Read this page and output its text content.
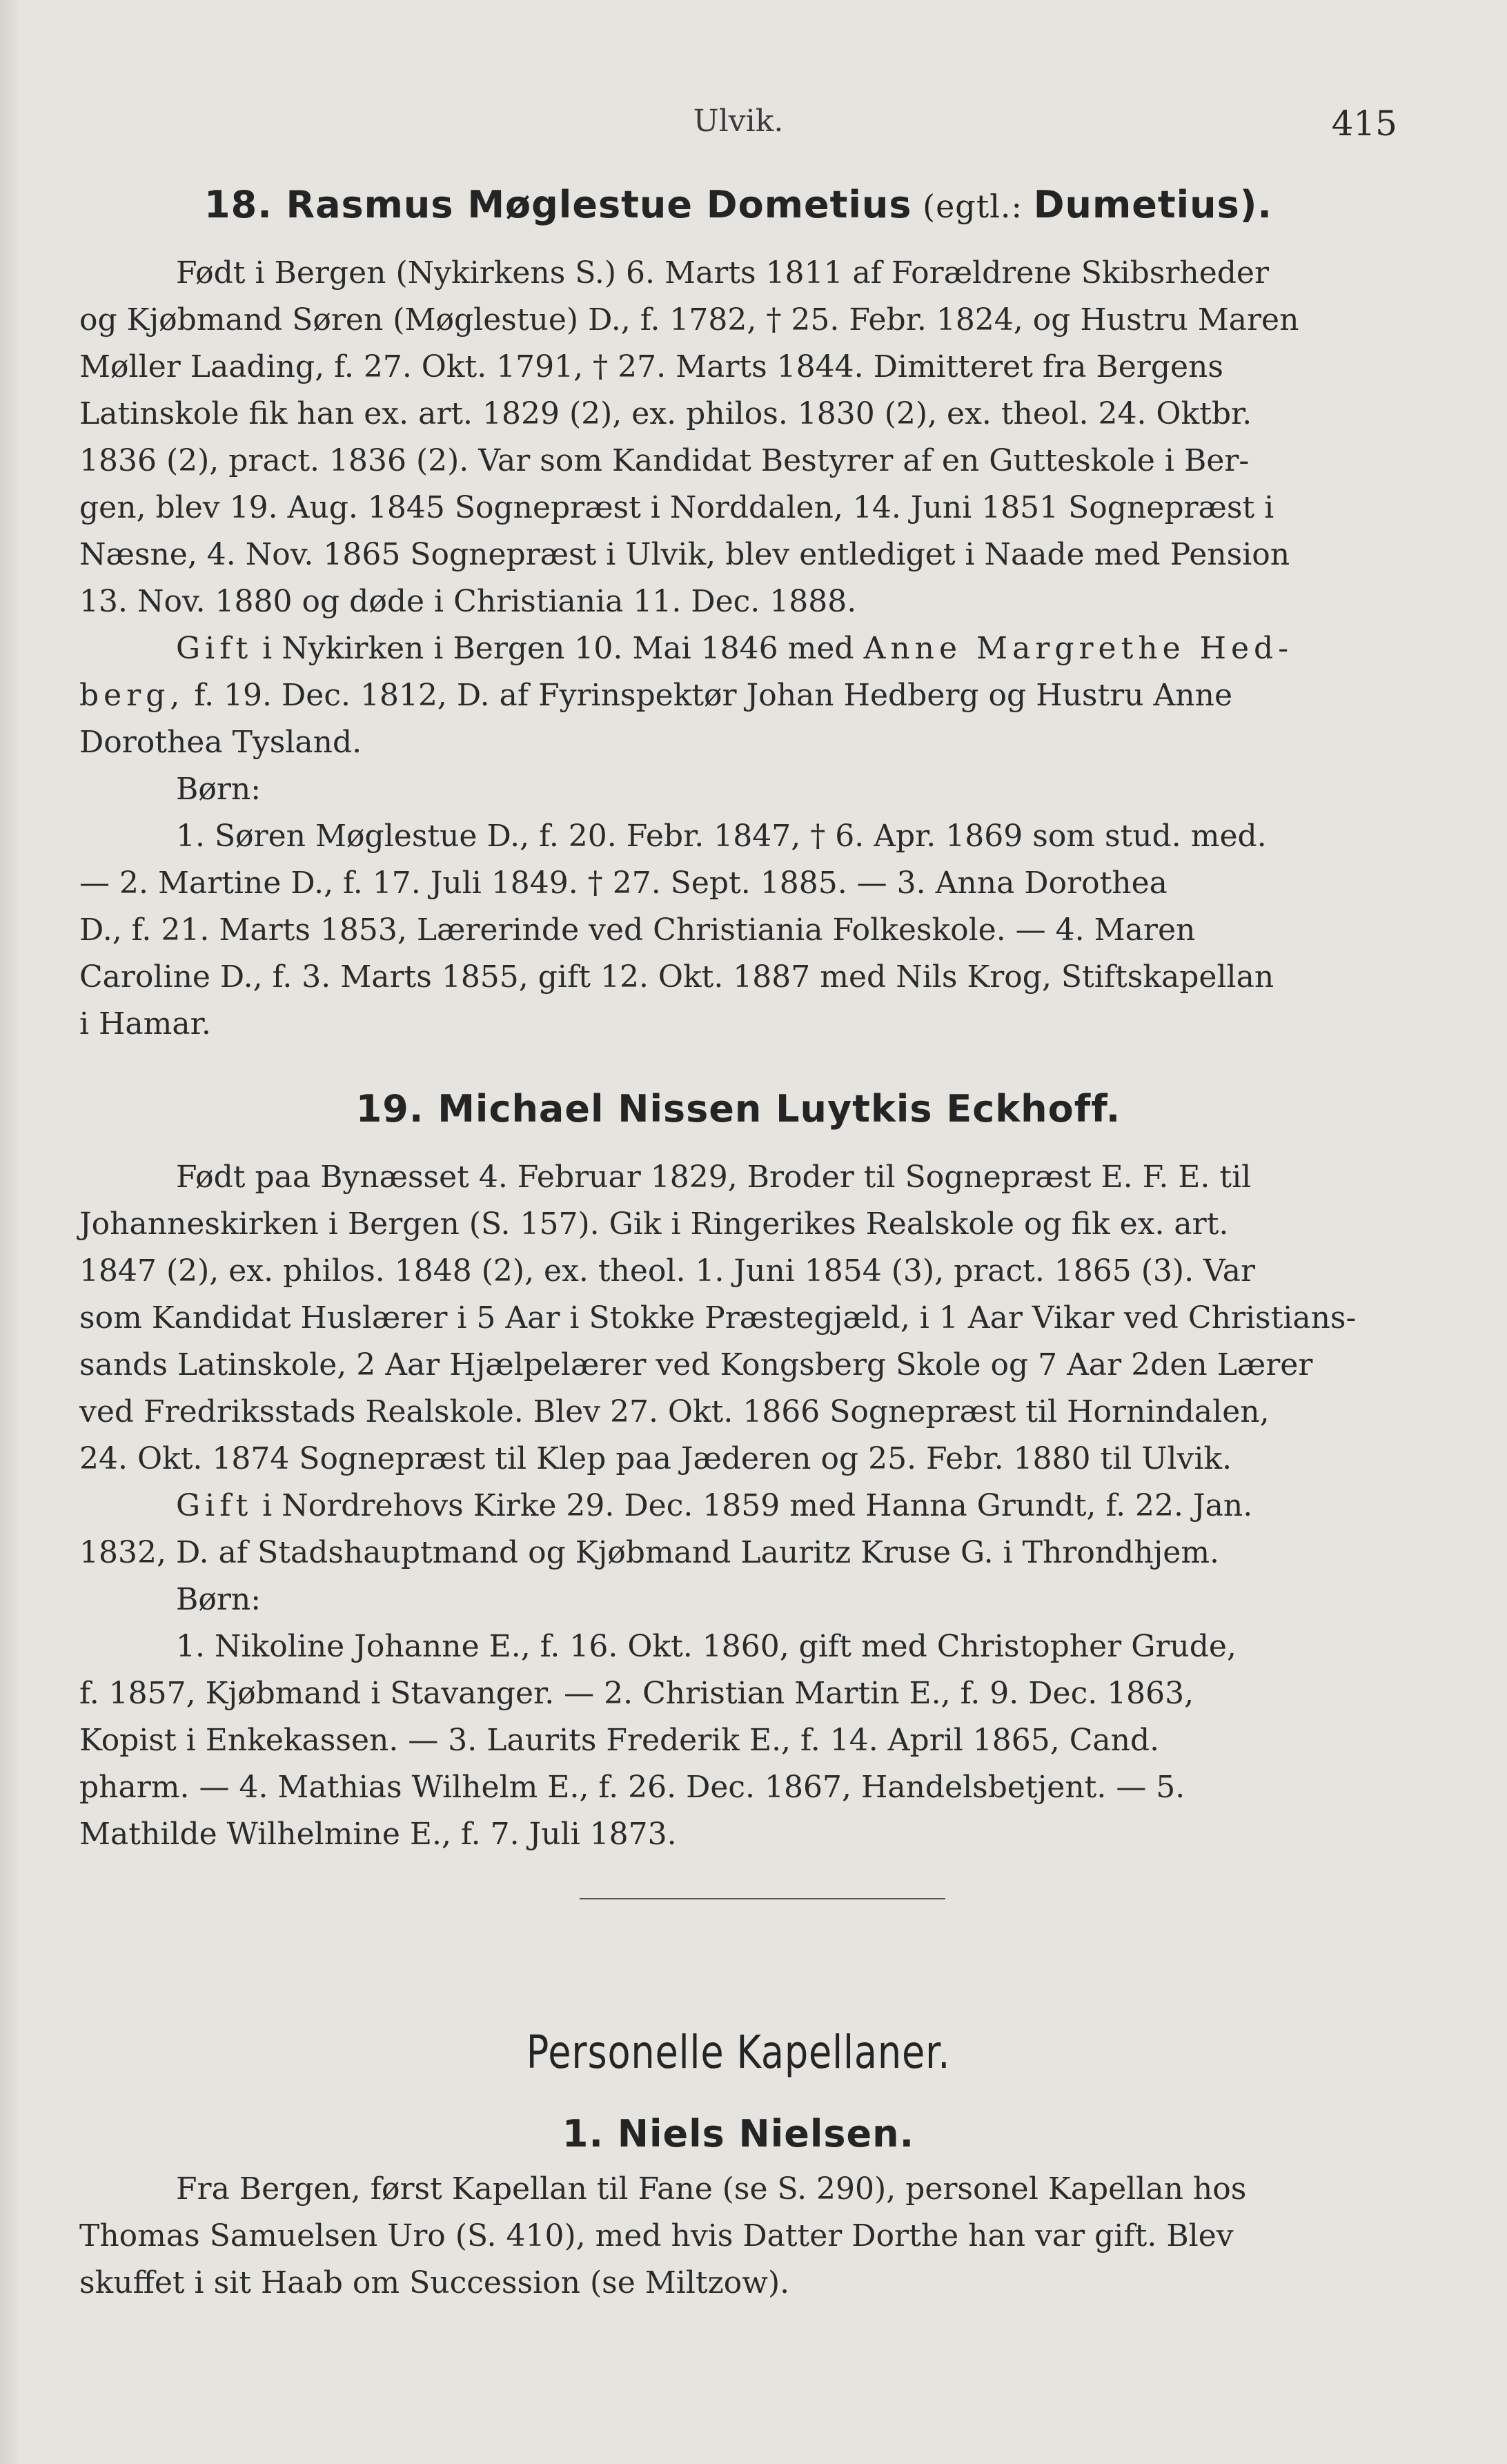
Ulvik.	415
18. Rasmus Møglestue Dometius (egtl.: Dumetius).
Født i Bergen (Nykirkens S.) 6. Marts 1811 af Forældrene Skibsrheder
og Kjøbmand Søren (Møglestue) D., f. 1782, † 25. Febr. 1824, og Hustru Maren
Møller Laading, f. 27. Okt. 1791, † 27. Marts 1844. Dimitteret fra Bergens
Latinskole fik han ex. art. 1829 (2), ex. philos. 1830 (2), ex. theol. 24. Oktbr.
1836 (2), pract. 1836 (2). Var som Kandidat Bestyrer af en Gutteskole i Ber-
gen, blev 19. Aug. 1845 Sognepræst i Norddalen, 14. Juni 1851 Sognepræst i
Næsne, 4. Nov. 1865 Sognepræst i Ulvik, blev entlediget i Naade med Pension
13. Nov. 1880 og døde i Christiania 11. Dec. 1888.
Gift i Nykirken i Bergen 10. Mai 1846 med Anne Margrethe Hed-
berg, f. 19. Dec. 1812, D. af Fyrinspektør Johan Hedberg og Hustru Anne
Dorothea Tysland.
Børn:
1. Søren Møglestue D., f. 20. Febr. 1847, † 6. Apr. 1869 som stud. med.
— 2. Martine D., f. 17. Juli 1849. † 27. Sept. 1885. — 3. Anna Dorothea
D., f. 21. Marts 1853, Lærerinde ved Christiania Folkeskole. — 4. Maren
Caroline D., f. 3. Marts 1855, gift 12. Okt. 1887 med Nils Krog, Stiftskapellan
i Hamar.
19. Michael Nissen Luytkis Eckhoff.
Født paa Bynæsset 4. Februar 1829, Broder til Sognepræst E. F. E. til
Johanneskirken i Bergen (S. 157). Gik i Ringerikes Realskole og fik ex. art.
1847 (2), ex. philos. 1848 (2), ex. theol. 1. Juni 1854 (3), pract. 1865 (3). Var
som Kandidat Huslærer i 5 Aar i Stokke Præstegjæld, i 1 Aar Vikar ved Christians-
sands Latinskole, 2 Aar Hjælpelærer ved Kongsberg Skole og 7 Aar 2den Lærer
ved Fredriksstads Realskole. Blev 27. Okt. 1866 Sognepræst til Hornindalen,
24. Okt. 1874 Sognepræst til Klep paa Jæderen og 25. Febr. 1880 til Ulvik.
Gift i Nordrehovs Kirke 29. Dec. 1859 med Hanna Grundt, f. 22. Jan.
1832, D. af Stadshauptmand og Kjøbmand Lauritz Kruse G. i Throndhjem.
Børn:
1. Nikoline Johanne E., f. 16. Okt. 1860, gift med Christopher Grude,
f. 1857, Kjøbmand i Stavanger. — 2. Christian Martin E., f. 9. Dec. 1863,
Kopist i Enkekassen. — 3. Laurits Frederik E., f. 14. April 1865, Cand.
pharm. — 4. Mathias Wilhelm E., f. 26. Dec. 1867, Handelsbetjent. — 5.
Mathilde Wilhelmine E., f. 7. Juli 1873.
Personelle Kapellaner.
1. Niels Nielsen.
Fra Bergen, først Kapellan til Fane (se S. 290), personel Kapellan hos
Thomas Samuelsen Uro (S. 410), med hvis Datter Dorthe han var gift. Blev
skuffet i sit Haab om Succession (se Miltzow).
